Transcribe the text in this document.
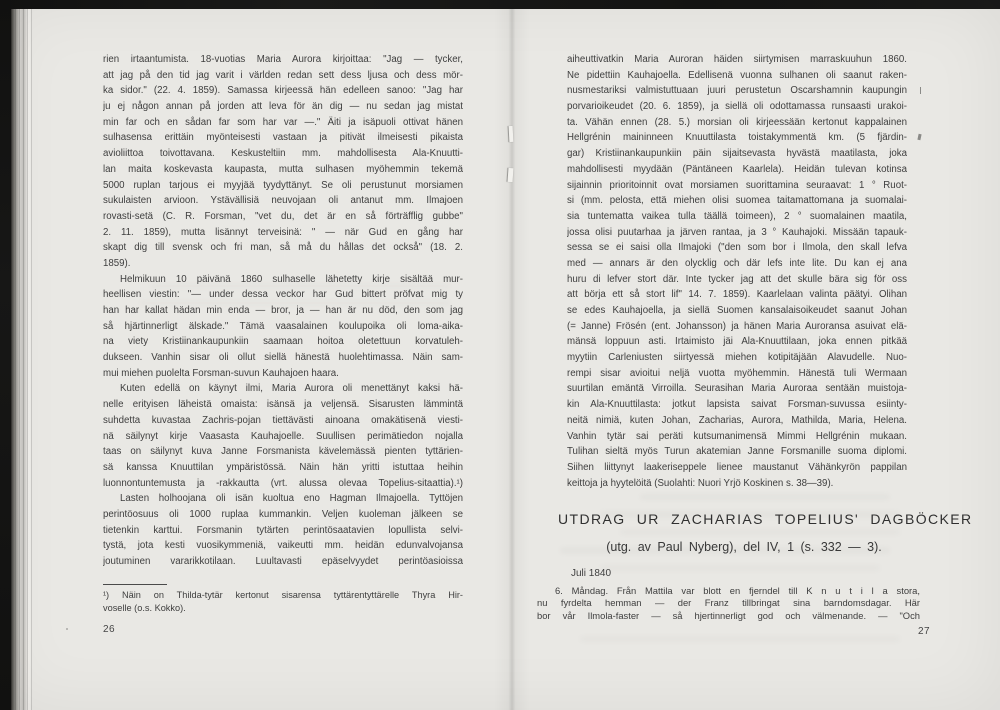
rien irtaantumista. 18-vuotias Maria Aurora kirjoittaa: "Jag — tycker,
att jag på den tid jag varit i världen redan sett dess ljusa och dess mör-
ka sidor." (22. 4. 1859). Samassa kirjeessä hän edelleen sanoo: "Jag har
ju ej någon annan på jorden att leva för än dig — nu sedan jag mistat
min far och en sådan far som har var —." Äiti ja isäpuoli ottivat hänen
sulhasensa erittäin myönteisesti vastaan ja pitivät ilmeisesti pikaista
avioliittoa toivottavana. Keskusteltiin mm. mahdollisesta Ala-Knuutti-
lan maita koskevasta kaupasta, mutta sulhasen myöhemmin tekemä
5000 ruplan tarjous ei myyjää tyydyttänyt. Se oli perustunut morsiamen
sukulaisten arvioon. Ystävällisiä neuvojaan oli antanut mm. Ilmajoen
rovasti-setä (C. R. Forsman, "vet du, det är en så förträfflig gubbe"
2. 11. 1859), mutta lisännyt terveisinä: " — när Gud en gång har
skapt dig till svensk och fri man, så må du hållas det också" (18. 2.
1859).
Helmikuun 10 päivänä 1860 sulhaselle lähetetty kirje sisältää mur-
heellisen viestin: "— under dessa veckor har Gud bittert pröfvat mig ty
han har kallat hädan min enda — bror, ja — han är nu död, den som jag
så hjärtinnerligt älskade." Tämä vaasalainen koulupoika oli loma-aika-
na viety Kristiinankaupunkiin saamaan hoitoa oletettuun korvatuleh-
dukseen. Vanhin sisar oli ollut siellä hänestä huolehtimassa. Näin sam-
mui miehen puolelta Forsman-suvun Kauhajoen haara.
Kuten edellä on käynyt ilmi, Maria Aurora oli menettänyt kaksi hä-
nelle erityisen läheistä omaista: isänsä ja veljensä. Sisarusten lämmintä
suhdetta kuvastaa Zachris-pojan tiettävästi ainoana omakätisenä viesti-
nä säilynyt kirje Vaasasta Kauhajoelle. Suullisen perimätiedon nojalla
taas on säilynyt kuva Janne Forsmanista kävelemässä pienten tyttärien-
sä kanssa Knuuttilan ympäristössä. Näin hän yritti istuttaa heihin
luonnontuntemusta ja -rakkautta (vrt. alussa olevaa Topelius-sitaattia).¹)
Lasten holhoojana oli isän kuoltua eno Hagman Ilmajoella. Tyttöjen
perintöosuus oli 1000 ruplaa kummankin. Veljen kuoleman jälkeen se
tietenkin karttui. Forsmanin tytärten perintösaatavien lopullista selvi-
tystä, jota kesti vuosikymmeniä, vaikeutti mm. heidän edunvalvojansa
joutuminen vararikkotilaan. Luultavasti epäselvyydet perintöasioissa
¹) Näin on Thilda-tytär kertonut sisarensa tyttärentyttärelle Thyra Hir-
voselle (o.s. Kokko).
26
aiheuttivatkin Maria Auroran häiden siirtymisen marraskuuhun 1860.
Ne pidettiin Kauhajoella. Edellisenä vuonna sulhanen oli saanut raken-
nusmestariksi valmistuttuaan juuri perustetun Oscarshamnin kaupungin
porvarioikeudet (20. 6. 1859), ja siellä oli odottamassa runsaasti urakoi-
ta. Vähän ennen (28. 5.) morsian oli kirjeessään kertonut kappalainen
Hellgrénin maininneen Knuuttilasta toistakymmentä km. (5 fjärdin-
gar) Kristiinankaupunkiin päin sijaitsevasta hyvästä maatilasta, joka
mahdollisesti myydään (Päntäneen Kaarlela). Heidän tulevan kotinsa
sijainnin prioritoinnit ovat morsiamen suorittamina seuraavat: 1 ° Ruot-
si (mm. pelosta, että miehen olisi suomea taitamattomana ja suomalai-
sia tuntematta vaikea tulla täällä toimeen), 2 ° suomalainen maatila,
jossa olisi puutarhaa ja järven rantaa, ja 3 ° Kauhajoki. Missään tapauk-
sessa se ei saisi olla Ilmajoki ("den som bor i Ilmola, den skall lefva
med — annars är den olycklig och där lefs inte lite. Du kan ej ana
huru di lefver stort där. Inte tycker jag att det skulle bära sig för oss
att börja ett så stort lif" 14. 7. 1859). Kaarlelaan valinta päätyi. Olihan
se edes Kauhajoella, ja siellä Suomen kansalaisoikeudet saanut Johan
(= Janne) Frösén (ent. Johansson) ja hänen Maria Auroransa asuivat elä-
mänsä loppuun asti. Irtaimisto jäi Ala-Knuuttilaan, joka ennen pitkää
myytiin Carleniusten siirtyessä miehen kotipitäjään Alavudelle. Nuo-
rempi sisar avioitui neljä vuotta myöhemmin. Hänestä tuli Wermaan
suurtilan emäntä Virroilla. Seurasihan Maria Auroraa sentään muistoja-
kin Ala-Knuuttilasta: jotkut lapsista saivat Forsman-suvussa esiinty-
neitä nimiä, kuten Johan, Zacharias, Aurora, Mathilda, Maria, Helena.
Vanhin tytär sai peräti kutsumanimensä Mimmi Hellgrénin mukaan.
Tulihan sieltä myös Turun akatemian Janne Forsmanille suoma diplomi.
Siihen liittynyt laakeriseppele lienee maustanut Vähänkyrön pappilan
keittoja ja hyytelöitä (Suolahti: Nuori Yrjö Koskinen s. 38—39).
UTDRAG UR ZACHARIAS TOPELIUS' DAGBÖCKER
(utg. av Paul Nyberg), del IV, 1 (s. 332 — 3).
Juli 1840
6. Måndag. Från Mattila var blott en fjerndel till K n u t i l a stora,
nu fyrdelta hemman — der Franz tillbringat sina barndomsdagar. Här
bor vår Ilmola-faster — så hjertinnerligt god och välmenande. — "Och
27
